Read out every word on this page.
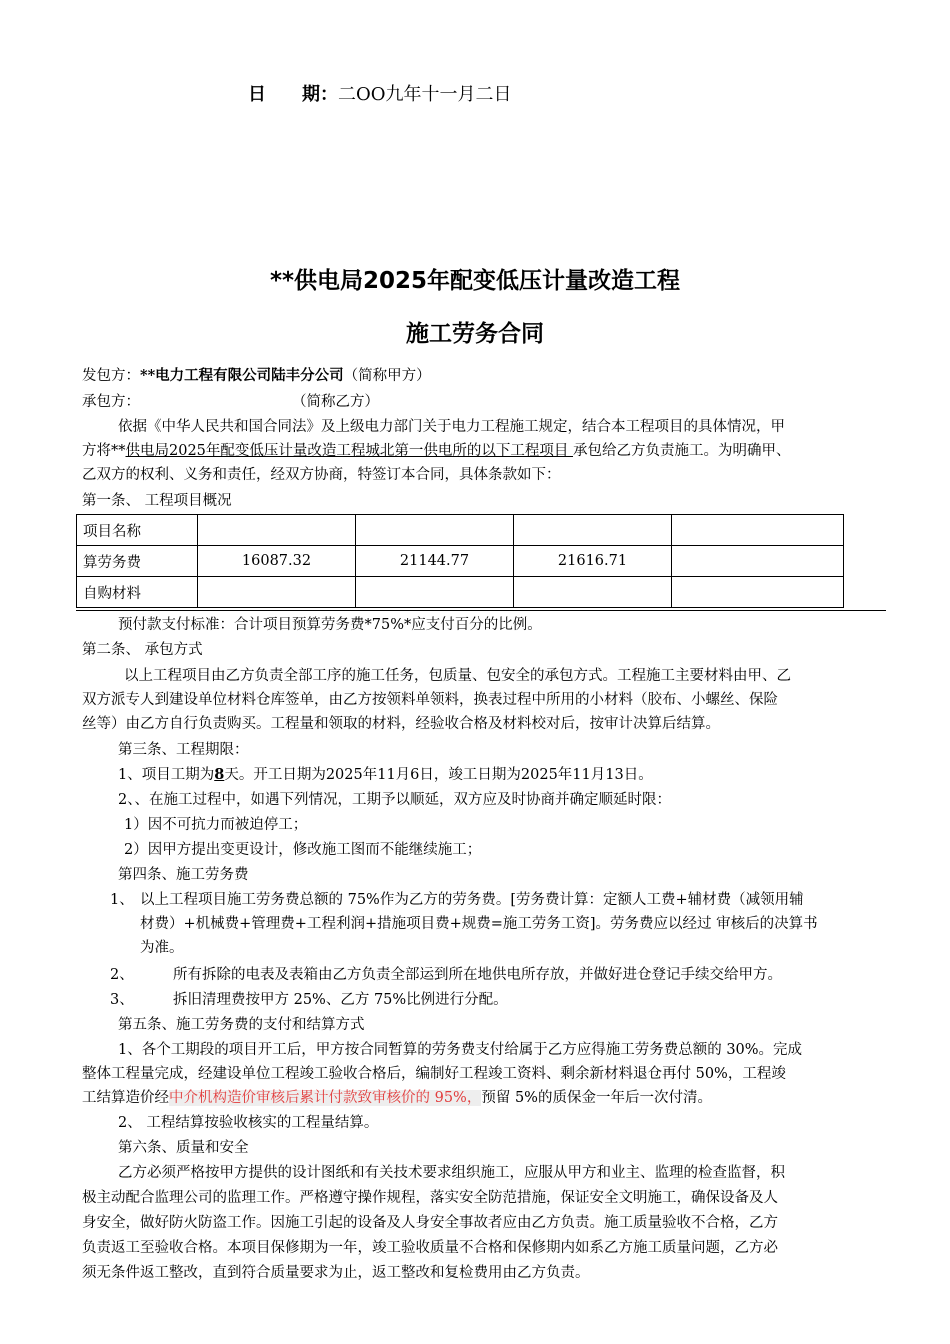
日　　期：二OO九年十一月二日
**供电局2025年配变低压计量改造工程
施工劳务合同
发包方：**电力工程有限公司陆丰分公司（简称甲方）
承包方：	（简称乙方）
依据《中华人民共和国合同法》及上级电力部门关于电力工程施工规定，结合本工程项目的具体情况，甲
方将**供电局2025年配变低压计量改造工程城北第一供电所的以下工程项目 承包给乙方负责施工。为明确甲、
乙双方的权利、义务和责任，经双方协商，特签订本合同，具体条款如下：
第一条、 工程项目概况
项目名称				
算劳务费	16087.32	21144.77	21616.71	
自购材料				
预付款支付标准：合计项目预算劳务费*75%*应支付百分的比例。
第二条、 承包方式
以上工程项目由乙方负责全部工序的施工任务，包质量、包安全的承包方式。工程施工主要材料由甲、乙
双方派专人到建设单位材料仓库签单，由乙方按领料单领料，换表过程中所用的小材料（胶布、小螺丝、保险
丝等）由乙方自行负责购买。工程量和领取的材料，经验收合格及材料校对后，按审计决算后结算。
第三条、工程期限：
1、项目工期为8天。开工日期为2025年11月6日，竣工日期为2025年11月13日。
2、、在施工过程中，如遇下列情况，工期予以顺延，双方应及时协商并确定顺延时限：
1）因不可抗力而被迫停工；
2）因甲方提出变更设计，修改施工图而不能继续施工；
第四条、施工劳务费
1、 以上工程项目施工劳务费总额的 75%作为乙方的劳务费。[劳务费计算：定额人工费+辅材费（减领用辅
材费）+机械费+管理费+工程利润+措施项目费+规费=施工劳务工资]。劳务费应以经过 审核后的决算书
为准。
2、	所有拆除的电表及表箱由乙方负责全部运到所在地供电所存放，并做好进仓登记手续交给甲方。
3、	拆旧清理费按甲方 25%、乙方 75%比例进行分配。
第五条、施工劳务费的支付和结算方式
1、各个工期段的项目开工后，甲方按合同暂算的劳务费支付给属于乙方应得施工劳务费总额的 30%。完成
整体工程量完成，经建设单位工程竣工验收合格后，编制好工程竣工资料、剩余新材料退仓再付 50%，工程竣
工结算造价经中介机构造价审核后累计付款致审核价的 95%，预留 5%的质保金一年后一次付清。
2、 工程结算按验收核实的工程量结算。
第六条、质量和安全
乙方必须严格按甲方提供的设计图纸和有关技术要求组织施工，应服从甲方和业主、监理的检查监督，积
极主动配合监理公司的监理工作。严格遵守操作规程，落实安全防范措施，保证安全文明施工，确保设备及人
身安全，做好防火防盗工作。因施工引起的设备及人身安全事故者应由乙方负责。施工质量验收不合格，乙方
负责返工至验收合格。本项目保修期为一年，竣工验收质量不合格和保修期内如系乙方施工质量问题，乙方必
须无条件返工整改，直到符合质量要求为止，返工整改和复检费用由乙方负责。
